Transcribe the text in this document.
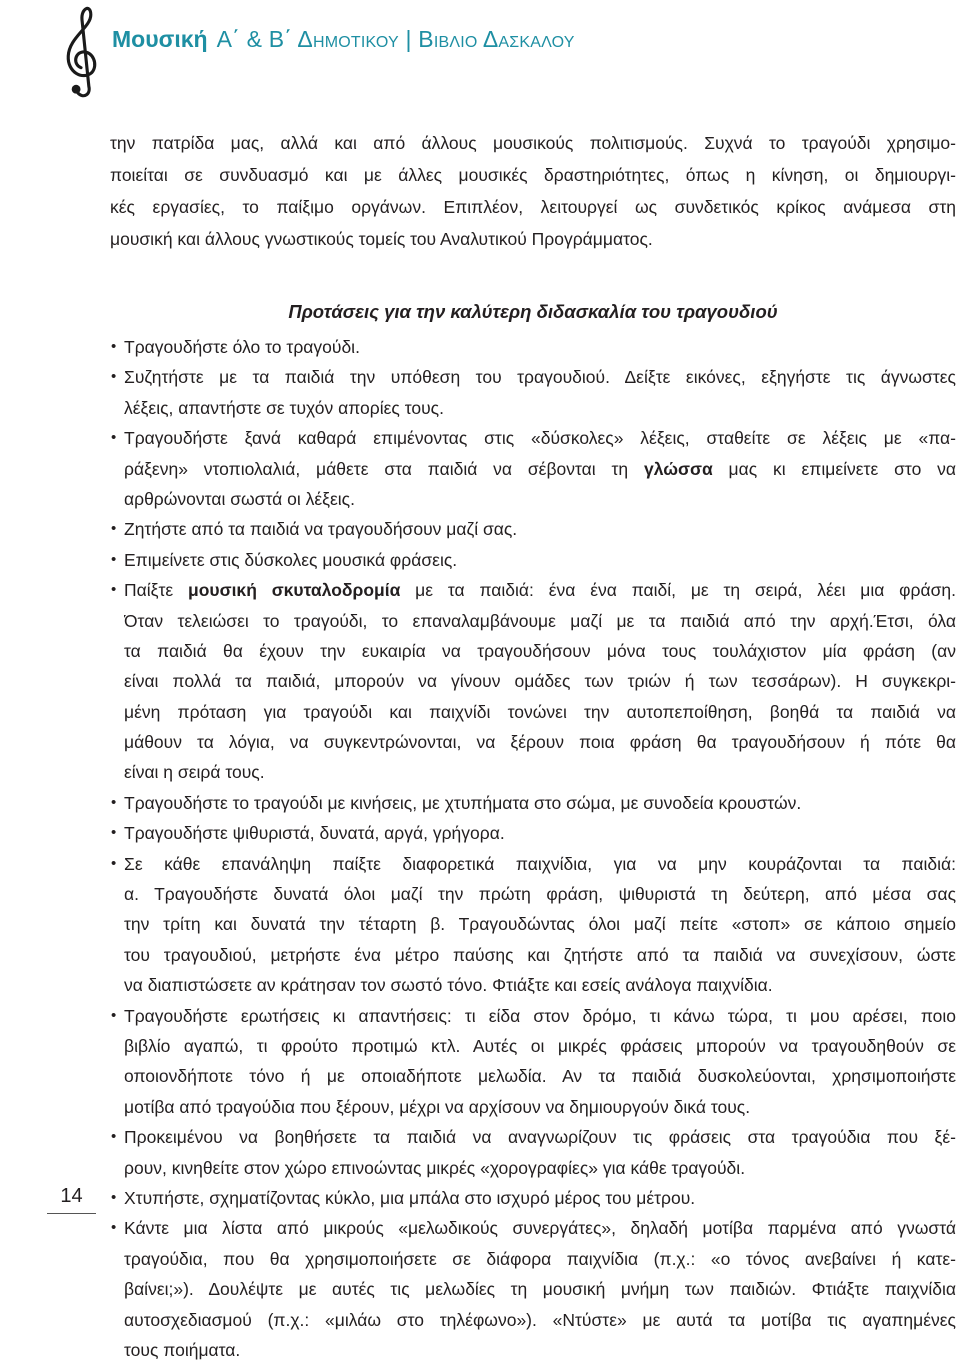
Μουσική Α΄ & Β΄ Δημοτικου | Βιβλιο Δασκαλου
την πατρίδα μας, αλλά και από άλλους μουσικούς πολιτισμούς. Συχνά το τραγούδι χρησιμο-
ποιείται σε συνδυασμό και με άλλες μουσικές δραστηριότητες, όπως η κίνηση, οι δημιουργι-
κές εργασίες, το παίξιμο οργάνων. Επιπλέον, λειτουργεί ως συνδετικός κρίκος ανάμεσα στη
μουσική και άλλους γνωστικούς τομείς του Αναλυτικού Προγράμματος.
Προτάσεις για την καλύτερη διδασκαλία του τραγουδιού
• Τραγουδήστε όλο το τραγούδι.
• Συζητήστε με τα παιδιά την υπόθεση του τραγουδιού. Δείξτε εικόνες, εξηγήστε τις άγνωστες
λέξεις, απαντήστε σε τυχόν απορίες τους.
• Τραγουδήστε ξανά καθαρά επιμένοντας στις «δύσκολες» λέξεις, σταθείτε σε λέξεις με «πα-
ράξενη» ντοπιολαλιά, μάθετε στα παιδιά να σέβονται τη γλώσσα μας κι επιμείνετε στο να
αρθρώνονται σωστά οι λέξεις.
• Ζητήστε από τα παιδιά να τραγουδήσουν μαζί σας.
• Επιμείνετε στις δύσκολες μουσικά φράσεις.
• Παίξτε μουσική σκυταλοδρομία με τα παιδιά: ένα ένα παιδί, με τη σειρά, λέει μια φράση.
Όταν τελειώσει το τραγούδι, το επαναλαμβάνουμε μαζί με τα παιδιά από την αρχή.Έτσι, όλα
τα παιδιά θα έχουν την ευκαιρία να τραγουδήσουν μόνα τους τουλάχιστον μία φράση (αν
είναι πολλά τα παιδιά, μπορούν να γίνουν ομάδες των τριών ή των τεσσάρων). Η συγκεκρι-
μένη πρόταση για τραγούδι και παιχνίδι τονώνει την αυτοπεποίθηση, βοηθά τα παιδιά να
μάθουν τα λόγια, να συγκεντρώνονται, να ξέρουν ποια φράση θα τραγουδήσουν ή πότε θα
είναι η σειρά τους.
• Τραγουδήστε το τραγούδι με κινήσεις, με χτυπήματα στο σώμα, με συνοδεία κρουστών.
• Τραγουδήστε ψιθυριστά, δυνατά, αργά, γρήγορα.
• Σε κάθε επανάληψη παίξτε διαφορετικά παιχνίδια, για να μην κουράζονται τα παιδιά:
α. Τραγουδήστε δυνατά όλοι μαζί την πρώτη φράση, ψιθυριστά τη δεύτερη, από μέσα σας
την τρίτη και δυνατά την τέταρτη β. Τραγουδώντας όλοι μαζί πείτε «στοπ» σε κάποιο σημείο
του τραγουδιού, μετρήστε ένα μέτρο παύσης και ζητήστε από τα παιδιά να συνεχίσουν, ώστε
να διαπιστώσετε αν κράτησαν τον σωστό τόνο. Φτιάξτε και εσείς ανάλογα παιχνίδια.
• Τραγουδήστε ερωτήσεις κι απαντήσεις: τι είδα στον δρόμο, τι κάνω τώρα, τι μου αρέσει, ποιο
βιβλίο αγαπώ, τι φρούτο προτιμώ κτλ. Αυτές οι μικρές φράσεις μπορούν να τραγουδηθούν σε
οποιονδήποτε τόνο ή με οποιαδήποτε μελωδία. Αν τα παιδιά δυσκολεύονται, χρησιμοποιήστε
μοτίβα από τραγούδια που ξέρουν, μέχρι να αρχίσουν να δημιουργούν δικά τους.
• Προκειμένου να βοηθήσετε τα παιδιά να αναγνωρίζουν τις φράσεις στα τραγούδια που ξέ-
ρουν, κινηθείτε στον χώρο επινοώντας μικρές «χορογραφίες» για κάθε τραγούδι.
• Χτυπήστε, σχηματίζοντας κύκλο, μια μπάλα στο ισχυρό μέρος του μέτρου.
• Κάντε μια λίστα από μικρούς «μελωδικούς συνεργάτες», δηλαδή μοτίβα παρμένα από γνωστά
τραγούδια, που θα χρησιμοποιήσετε σε διάφορα παιχνίδια (π.χ.: «ο τόνος ανεβαίνει ή κατε-
βαίνει;»). Δουλέψτε με αυτές τις μελωδίες τη μουσική μνήμη των παιδιών. Φτιάξτε παιχνίδια
αυτοσχεδιασμού (π.χ.: «μιλάω στο τηλέφωνο»). «Ντύστε» με αυτά τα μοτίβα τις αγαπημένες
τους ποιήματα.
14
